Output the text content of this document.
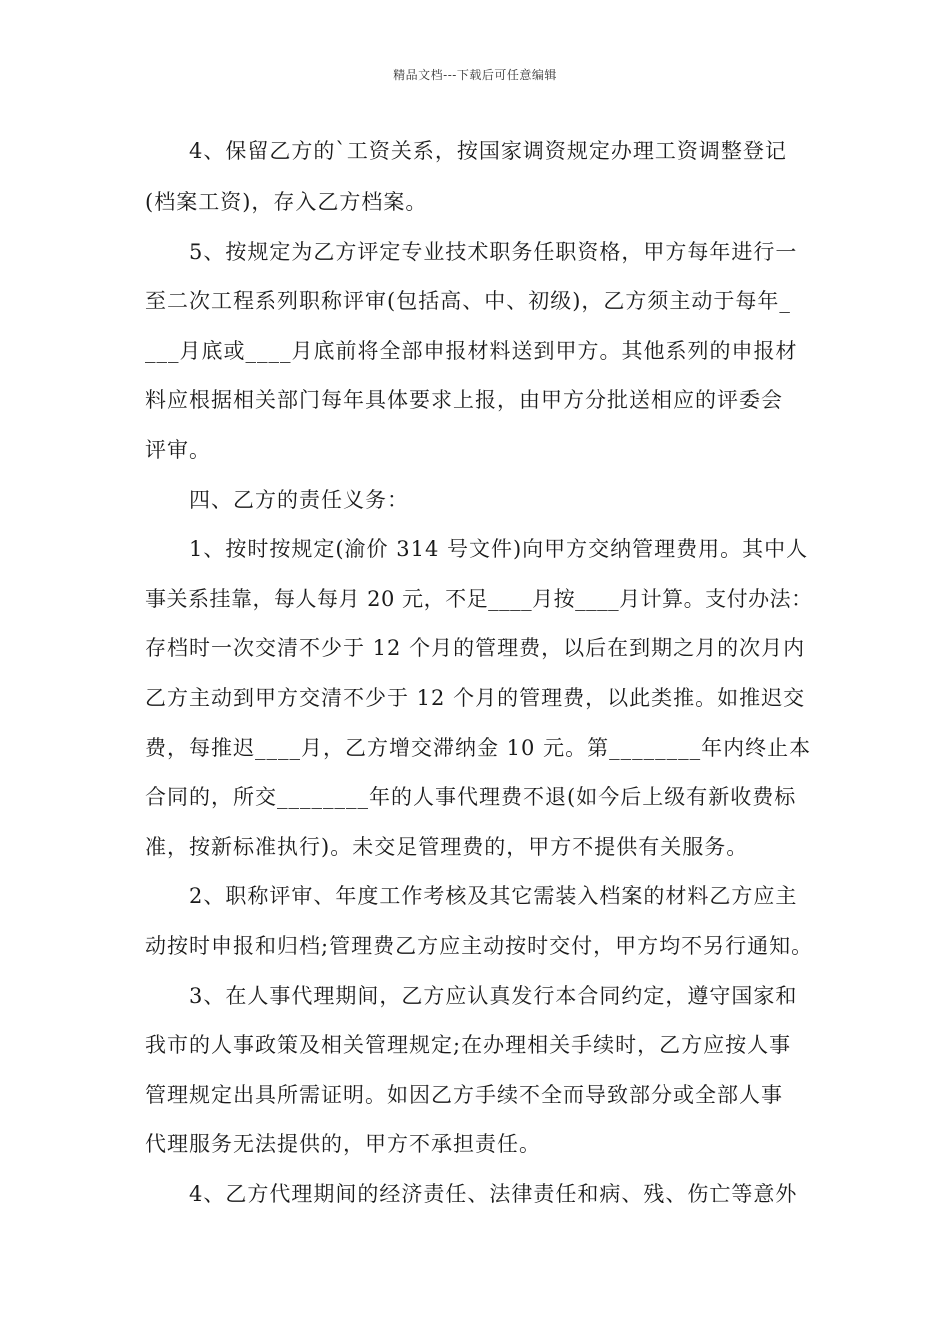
精品文档---下载后可任意编辑
　　4、保留乙方的`工资关系，按国家调资规定办理工资调整登记
(档案工资)，存入乙方档案。
　　5、按规定为乙方评定专业技术职务任职资格，甲方每年进行一
至二次工程系列职称评审(包括高、中、初级)，乙方须主动于每年_
___月底或____月底前将全部申报材料送到甲方。其他系列的申报材
料应根据相关部门每年具体要求上报，由甲方分批送相应的评委会
评审。
　　四、乙方的责任义务：
　　1、按时按规定(渝价 314 号文件)向甲方交纳管理费用。其中人
事关系挂靠，每人每月 20 元，不足____月按____月计算。支付办法：
存档时一次交清不少于 12 个月的管理费，以后在到期之月的次月内
乙方主动到甲方交清不少于 12 个月的管理费，以此类推。如推迟交
费，每推迟____月，乙方增交滞纳金 10 元。第________年内终止本
合同的，所交________年的人事代理费不退(如今后上级有新收费标
准，按新标准执行)。未交足管理费的，甲方不提供有关服务。
　　2、职称评审、年度工作考核及其它需装入档案的材料乙方应主
动按时申报和归档;管理费乙方应主动按时交付，甲方均不另行通知。
　　3、在人事代理期间，乙方应认真发行本合同约定，遵守国家和
我市的人事政策及相关管理规定;在办理相关手续时，乙方应按人事
管理规定出具所需证明。如因乙方手续不全而导致部分或全部人事
代理服务无法提供的，甲方不承担责任。
　　4、乙方代理期间的经济责任、法律责任和病、残、伤亡等意外
